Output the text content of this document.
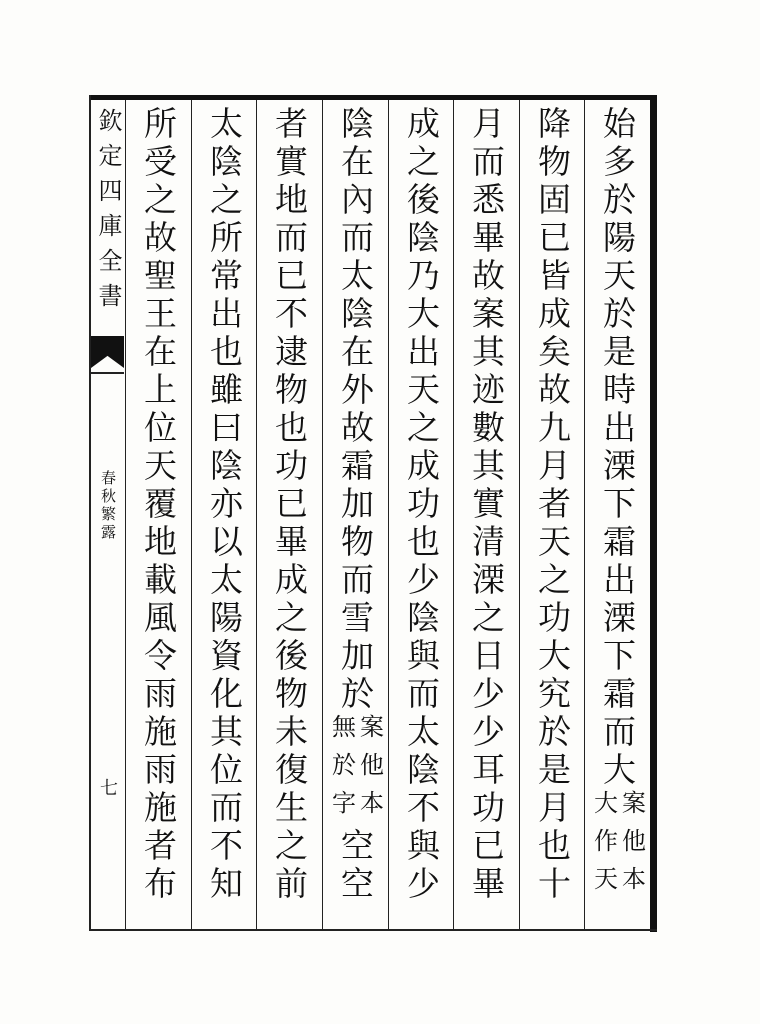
欽定四庫全書
春秋繁露
七	始多於陽天於是時出溧下霜出溧下霜而大
案他本
大作天
降物固已皆成矣故九月者天之功大究於是月也十
月而悉畢故案其迹數其實清溧之日少少耳功已畢
成之後陰乃大出天之成功也少陰與而太陰不與少
陰在內而太陰在外故霜加物而雪加於
案他本
無於字
空空
者實地而已不逮物也功已畢成之後物未復生之前
太陰之所常出也雖曰陰亦以太陽資化其位而不知
所受之故聖王在上位天覆地載風令雨施雨施者布
